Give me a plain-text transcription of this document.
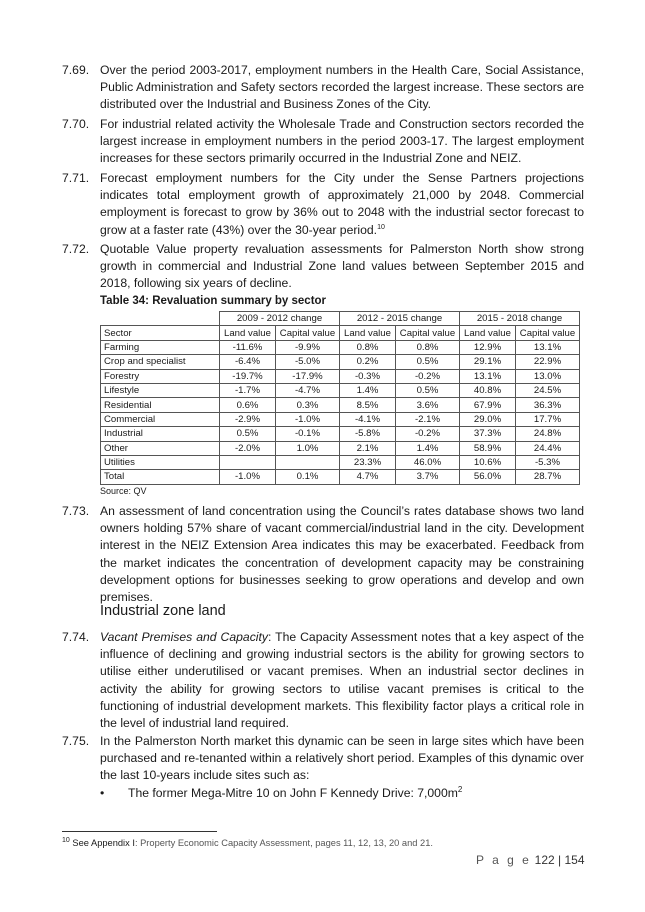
7.69. Over the period 2003-2017, employment numbers in the Health Care, Social Assistance, Public Administration and Safety sectors recorded the largest increase. These sectors are distributed over the Industrial and Business Zones of the City.
7.70. For industrial related activity the Wholesale Trade and Construction sectors recorded the largest increase in employment numbers in the period 2003-17. The largest employment increases for these sectors primarily occurred in the Industrial Zone and NEIZ.
7.71. Forecast employment numbers for the City under the Sense Partners projections indicates total employment growth of approximately 21,000 by 2048. Commercial employment is forecast to grow by 36% out to 2048 with the industrial sector forecast to grow at a faster rate (43%) over the 30-year period.$^{10}$
7.72. Quotable Value property revaluation assessments for Palmerston North show strong growth in commercial and Industrial Zone land values between September 2015 and 2018, following six years of decline.
Table 34: Revaluation summary by sector
	2009 - 2012 change		2012 - 2015 change		2015 - 2018 change	
Sector	Land value	Capital value	Land value	Capital value	Land value	Capital value
Farming	-11.6%	-9.9%	0.8%	0.8%	12.9%	13.1%
Crop and specialist	-6.4%	-5.0%	0.2%	0.5%	29.1%	22.9%
Forestry	-19.7%	-17.9%	-0.3%	-0.2%	13.1%	13.0%
Lifestyle	-1.7%	-4.7%	1.4%	0.5%	40.8%	24.5%
Residential	0.6%	0.3%	8.5%	3.6%	67.9%	36.3%
Commercial	-2.9%	-1.0%	-4.1%	-2.1%	29.0%	17.7%
Industrial	0.5%	-0.1%	-5.8%	-0.2%	37.3%	24.8%
Other	-2.0%	1.0%	2.1%	1.4%	58.9%	24.4%
Utilities			23.3%	46.0%	10.6%	-5.3%
Total	-1.0%	0.1%	4.7%	3.7%	56.0%	28.7%
Source: QV
7.73. An assessment of land concentration using the Council’s rates database shows two land owners holding 57% share of vacant commercial/industrial land in the city. Development interest in the NEIZ Extension Area indicates this may be exacerbated. Feedback from the market indicates the concentration of development capacity may be constraining development options for businesses seeking to grow operations and develop and own premises.
Industrial zone land
7.74. Vacant Premises and Capacity: The Capacity Assessment notes that a key aspect of the influence of declining and growing industrial sectors is the ability for growing sectors to utilise either underutilised or vacant premises. When an industrial sector declines in activity the ability for growing sectors to utilise vacant premises is critical to the functioning of industrial development markets. This flexibility factor plays a critical role in the level of industrial land required.
7.75. In the Palmerston North market this dynamic can be seen in large sites which have been purchased and re-tenanted within a relatively short period. Examples of this dynamic over the last 10-years include sites such as:
• The former Mega-Mitre 10 on John F Kennedy Drive: $7,000m^2$
$^{10}$ See Appendix I: Property Economic Capacity Assessment, pages 11, 12, 13, 20 and 21.
P a g e 122 | 154
